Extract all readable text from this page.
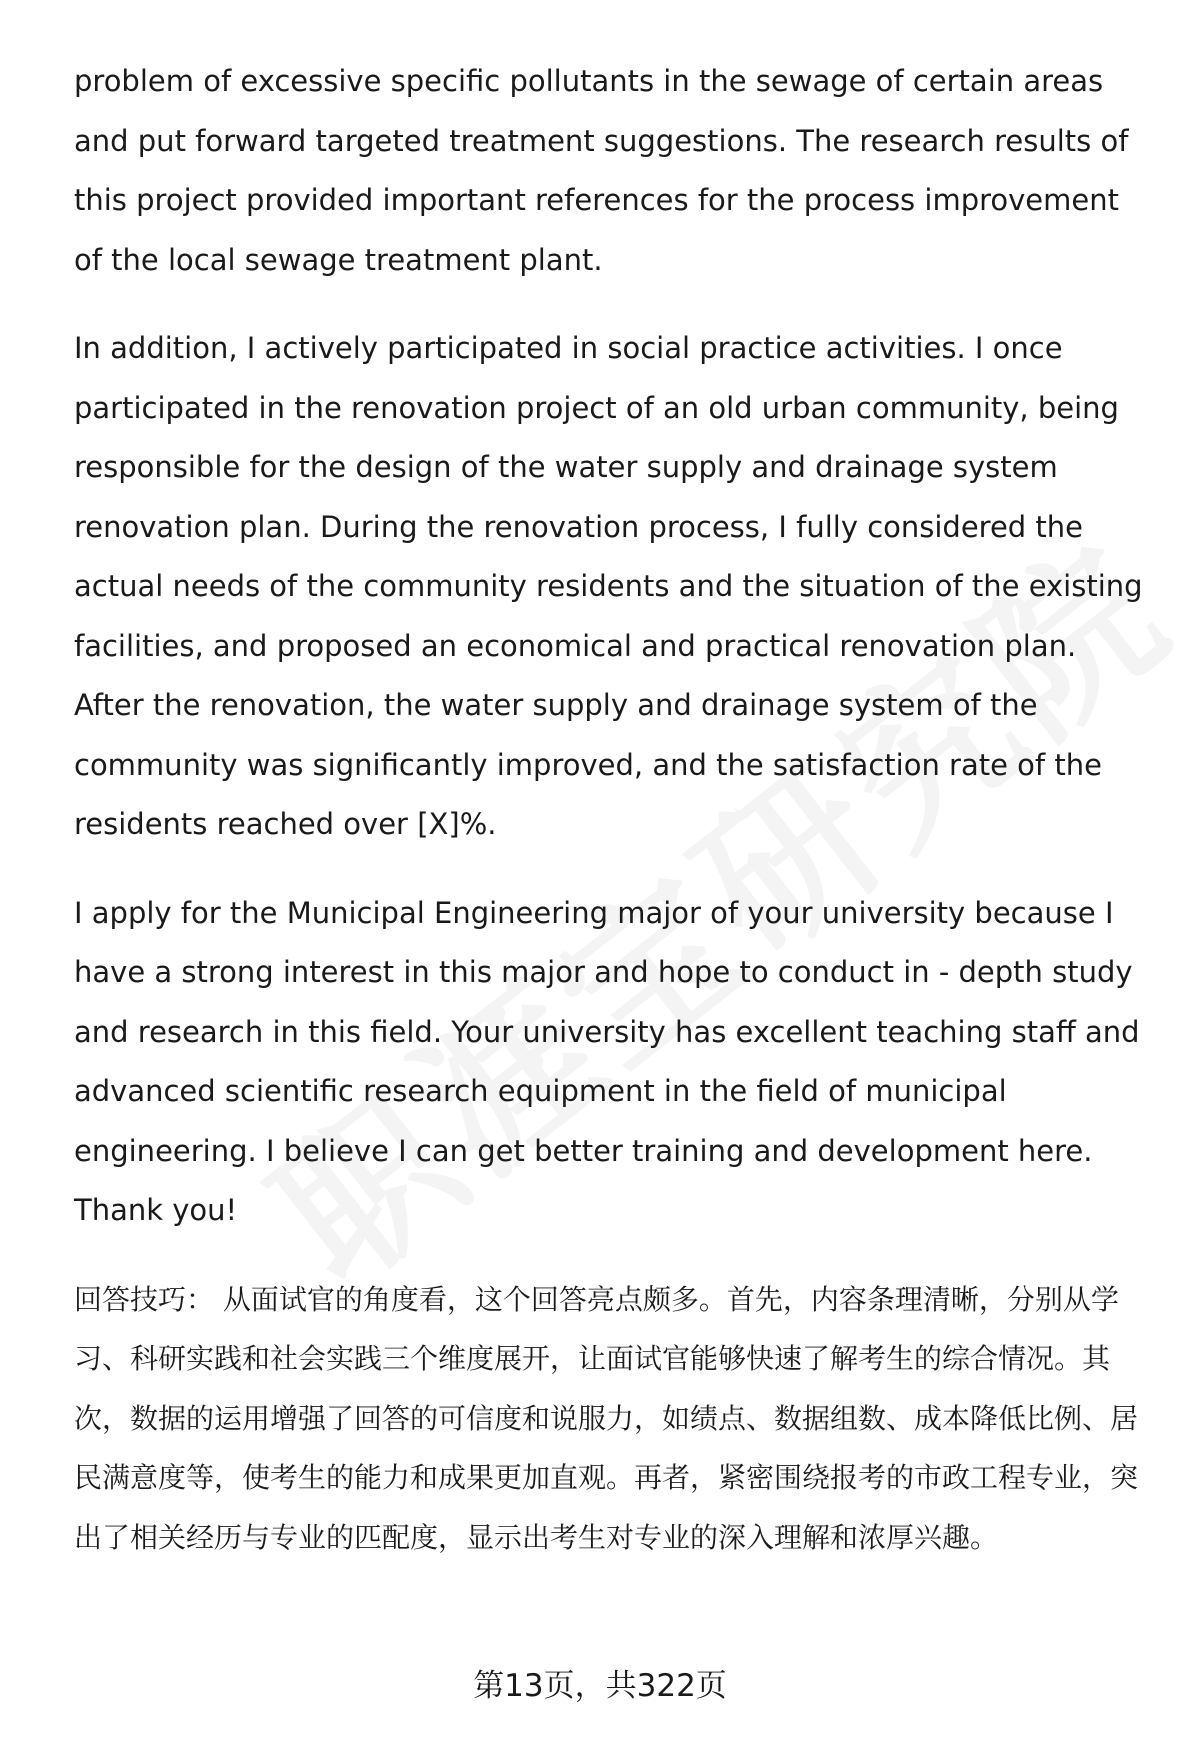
problem of excessive specific pollutants in the sewage of certain areas and put forward targeted treatment suggestions. The research results of this project provided important references for the process improvement of the local sewage treatment plant.

In addition, I actively participated in social practice activities. I once participated in the renovation project of an old urban community, being responsible for the design of the water supply and drainage system renovation plan. During the renovation process, I fully considered the actual needs of the community residents and the situation of the existing facilities, and proposed an economical and practical renovation plan. After the renovation, the water supply and drainage system of the community was significantly improved, and the satisfaction rate of the residents reached over [X]%.

I apply for the Municipal Engineering major of your university because I have a strong interest in this major and hope to conduct in - depth study and research in this field. Your university has excellent teaching staff and advanced scientific research equipment in the field of municipal engineering. I believe I can get better training and development here. Thank you!

回答技巧： 从面试官的角度看，这个回答亮点颇多。首先，内容条理清晰，分别从学习、科研实践和社会实践三个维度展开，让面试官能够快速了解考生的综合情况。其次，数据的运用增强了回答的可信度和说服力，如绩点、数据组数、成本降低比例、居民满意度等，使考生的能力和成果更加直观。再者，紧密围绕报考的市政工程专业，突出了相关经历与专业的匹配度，显示出考生对专业的深入理解和浓厚兴趣。

第13页，共322页
